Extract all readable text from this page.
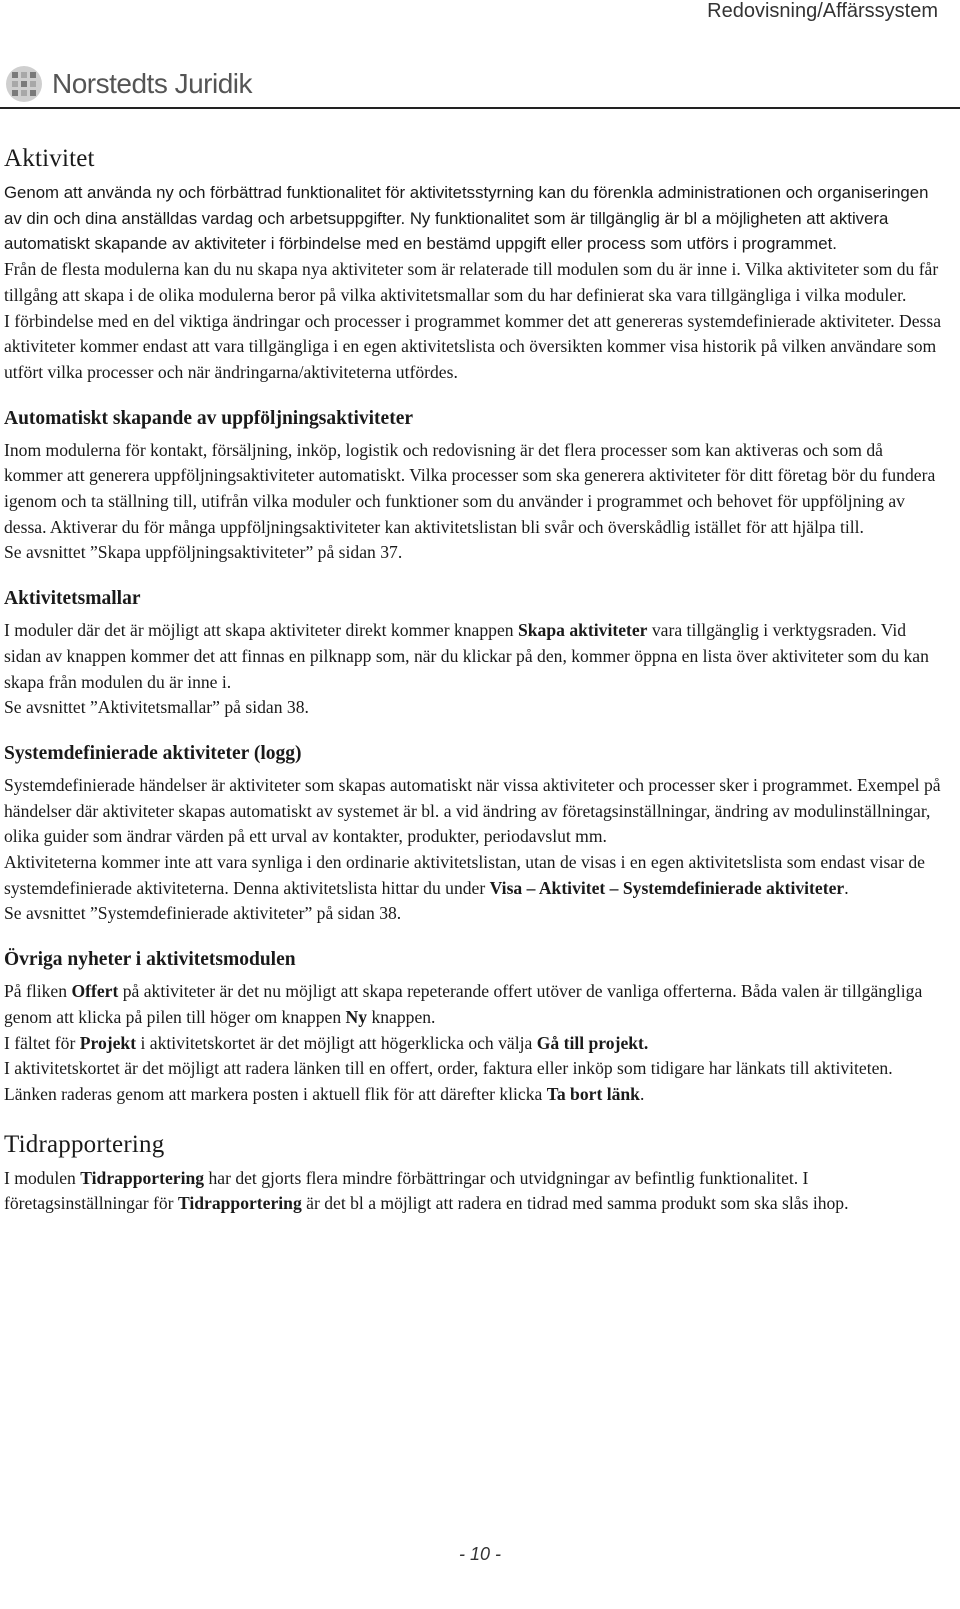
Redovisning/Affärssystem
Norstedts Juridik
Aktivitet

Genom att använda ny och förbättrad funktionalitet för aktivitetsstyrning kan du förenkla administrationen och organiseringen av din och dina anställdas vardag och arbetsuppgifter. Ny funktionalitet som är tillgänglig är bl a möjligheten att aktivera automatiskt skapande av aktiviteter i förbindelse med en bestämd uppgift eller process som utförs i programmet.

Från de flesta modulerna kan du nu skapa nya aktiviteter som är relaterade till modulen som du är inne i. Vilka aktiviteter som du får tillgång att skapa i de olika modulerna beror på vilka aktivitetsmallar som du har definierat ska vara tillgängliga i vilka moduler.

I förbindelse med en del viktiga ändringar och processer i programmet kommer det att genereras systemdefinierade aktiviteter. Dessa aktiviteter kommer endast att vara tillgängliga i en egen aktivitetslista och översikten kommer visa historik på vilken användare som utfört vilka processer och när ändringarna/aktiviteterna utfördes.

Automatiskt skapande av uppföljningsaktiviteter

Inom modulerna för kontakt, försäljning, inköp, logistik och redovisning är det flera processer som kan aktiveras och som då kommer att generera uppföljningsaktiviteter automatiskt. Vilka processer som ska generera aktiviteter för ditt företag bör du fundera igenom och ta ställning till, utifrån vilka moduler och funktioner som du använder i programmet och behovet för uppföljning av dessa. Aktiverar du för många uppföljningsaktiviteter kan aktivitetslistan bli svår och överskådlig istället för att hjälpa till.

Se avsnittet ”Skapa uppföljningsaktiviteter” på sidan 37.

Aktivitetsmallar

I moduler där det är möjligt att skapa aktiviteter direkt kommer knappen Skapa aktiviteter vara tillgänglig i verktygsraden. Vid sidan av knappen kommer det att finnas en pilknapp som, när du klickar på den, kommer öppna en lista över aktiviteter som du kan skapa från modulen du är inne i.

Se avsnittet ”Aktivitetsmallar” på sidan 38.

Systemdefinierade aktiviteter (logg)

Systemdefinierade händelser är aktiviteter som skapas automatiskt när vissa aktiviteter och processer sker i programmet. Exempel på händelser där aktiviteter skapas automatiskt av systemet är bl. a vid ändring av företagsinställningar, ändring av modulinställningar, olika guider som ändrar värden på ett urval av kontakter, produkter, periodavslut mm.

Aktiviteterna kommer inte att vara synliga i den ordinarie aktivitetslistan, utan de visas i en egen aktivitetslista som endast visar de systemdefinierade aktiviteterna. Denna aktivitetslista hittar du under Visa – Aktivitet – Systemdefinierade aktiviteter.

Se avsnittet ”Systemdefinierade aktiviteter” på sidan 38.

Övriga nyheter i aktivitetsmodulen

På fliken Offert på aktiviteter är det nu möjligt att skapa repeterande offert utöver de vanliga offerterna. Båda valen är tillgängliga genom att klicka på pilen till höger om knappen Ny knappen.

I fältet för Projekt i aktivitetskortet är det möjligt att högerklicka och välja Gå till projekt.

I aktivitetskortet är det möjligt att radera länken till en offert, order, faktura eller inköp som tidigare har länkats till aktiviteten. Länken raderas genom att markera posten i aktuell flik för att därefter klicka Ta bort länk.

Tidrapportering

I modulen Tidrapportering har det gjorts flera mindre förbättringar och utvidgningar av befintlig funktionalitet. I företagsinställningar för Tidrapportering är det bl a möjligt att radera en tidrad med samma produkt som ska slås ihop.

- 10 -
